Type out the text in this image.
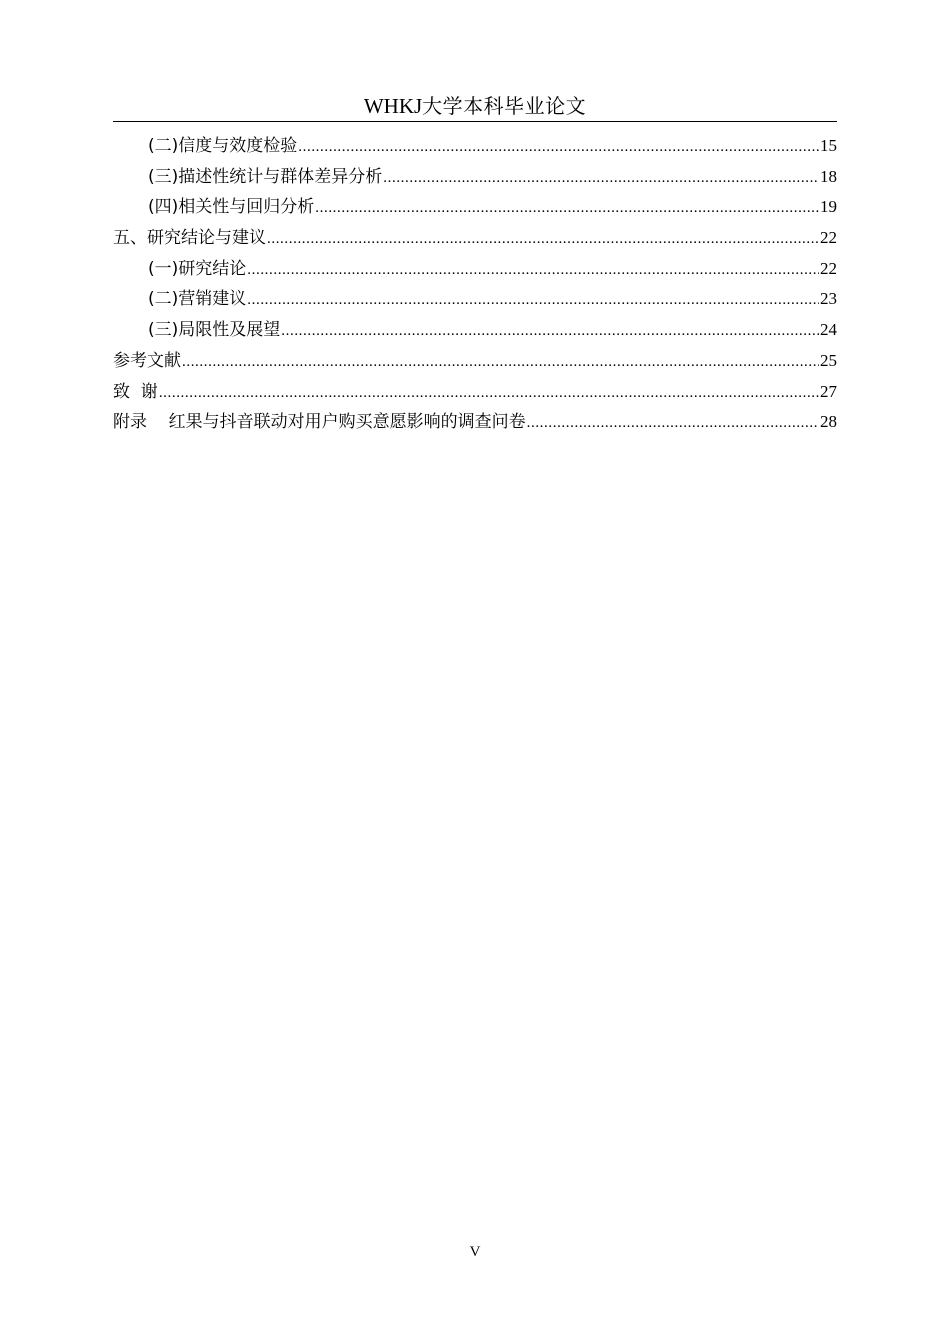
WHKJ大学本科毕业论文
(二)信度与效度检验 .....	15
(三)描述性统计与群体差异分析 .....	18
(四)相关性与回归分析 .....	19
五、研究结论与建议 .....	22
(一)研究结论 .....	22
(二)营销建议 .....	23
(三)局限性及展望 .....	24
参考文献 .....	25
致  谢 .....	27
附录    红果与抖音联动对用户购买意愿影响的调查问卷 .....	28
V
